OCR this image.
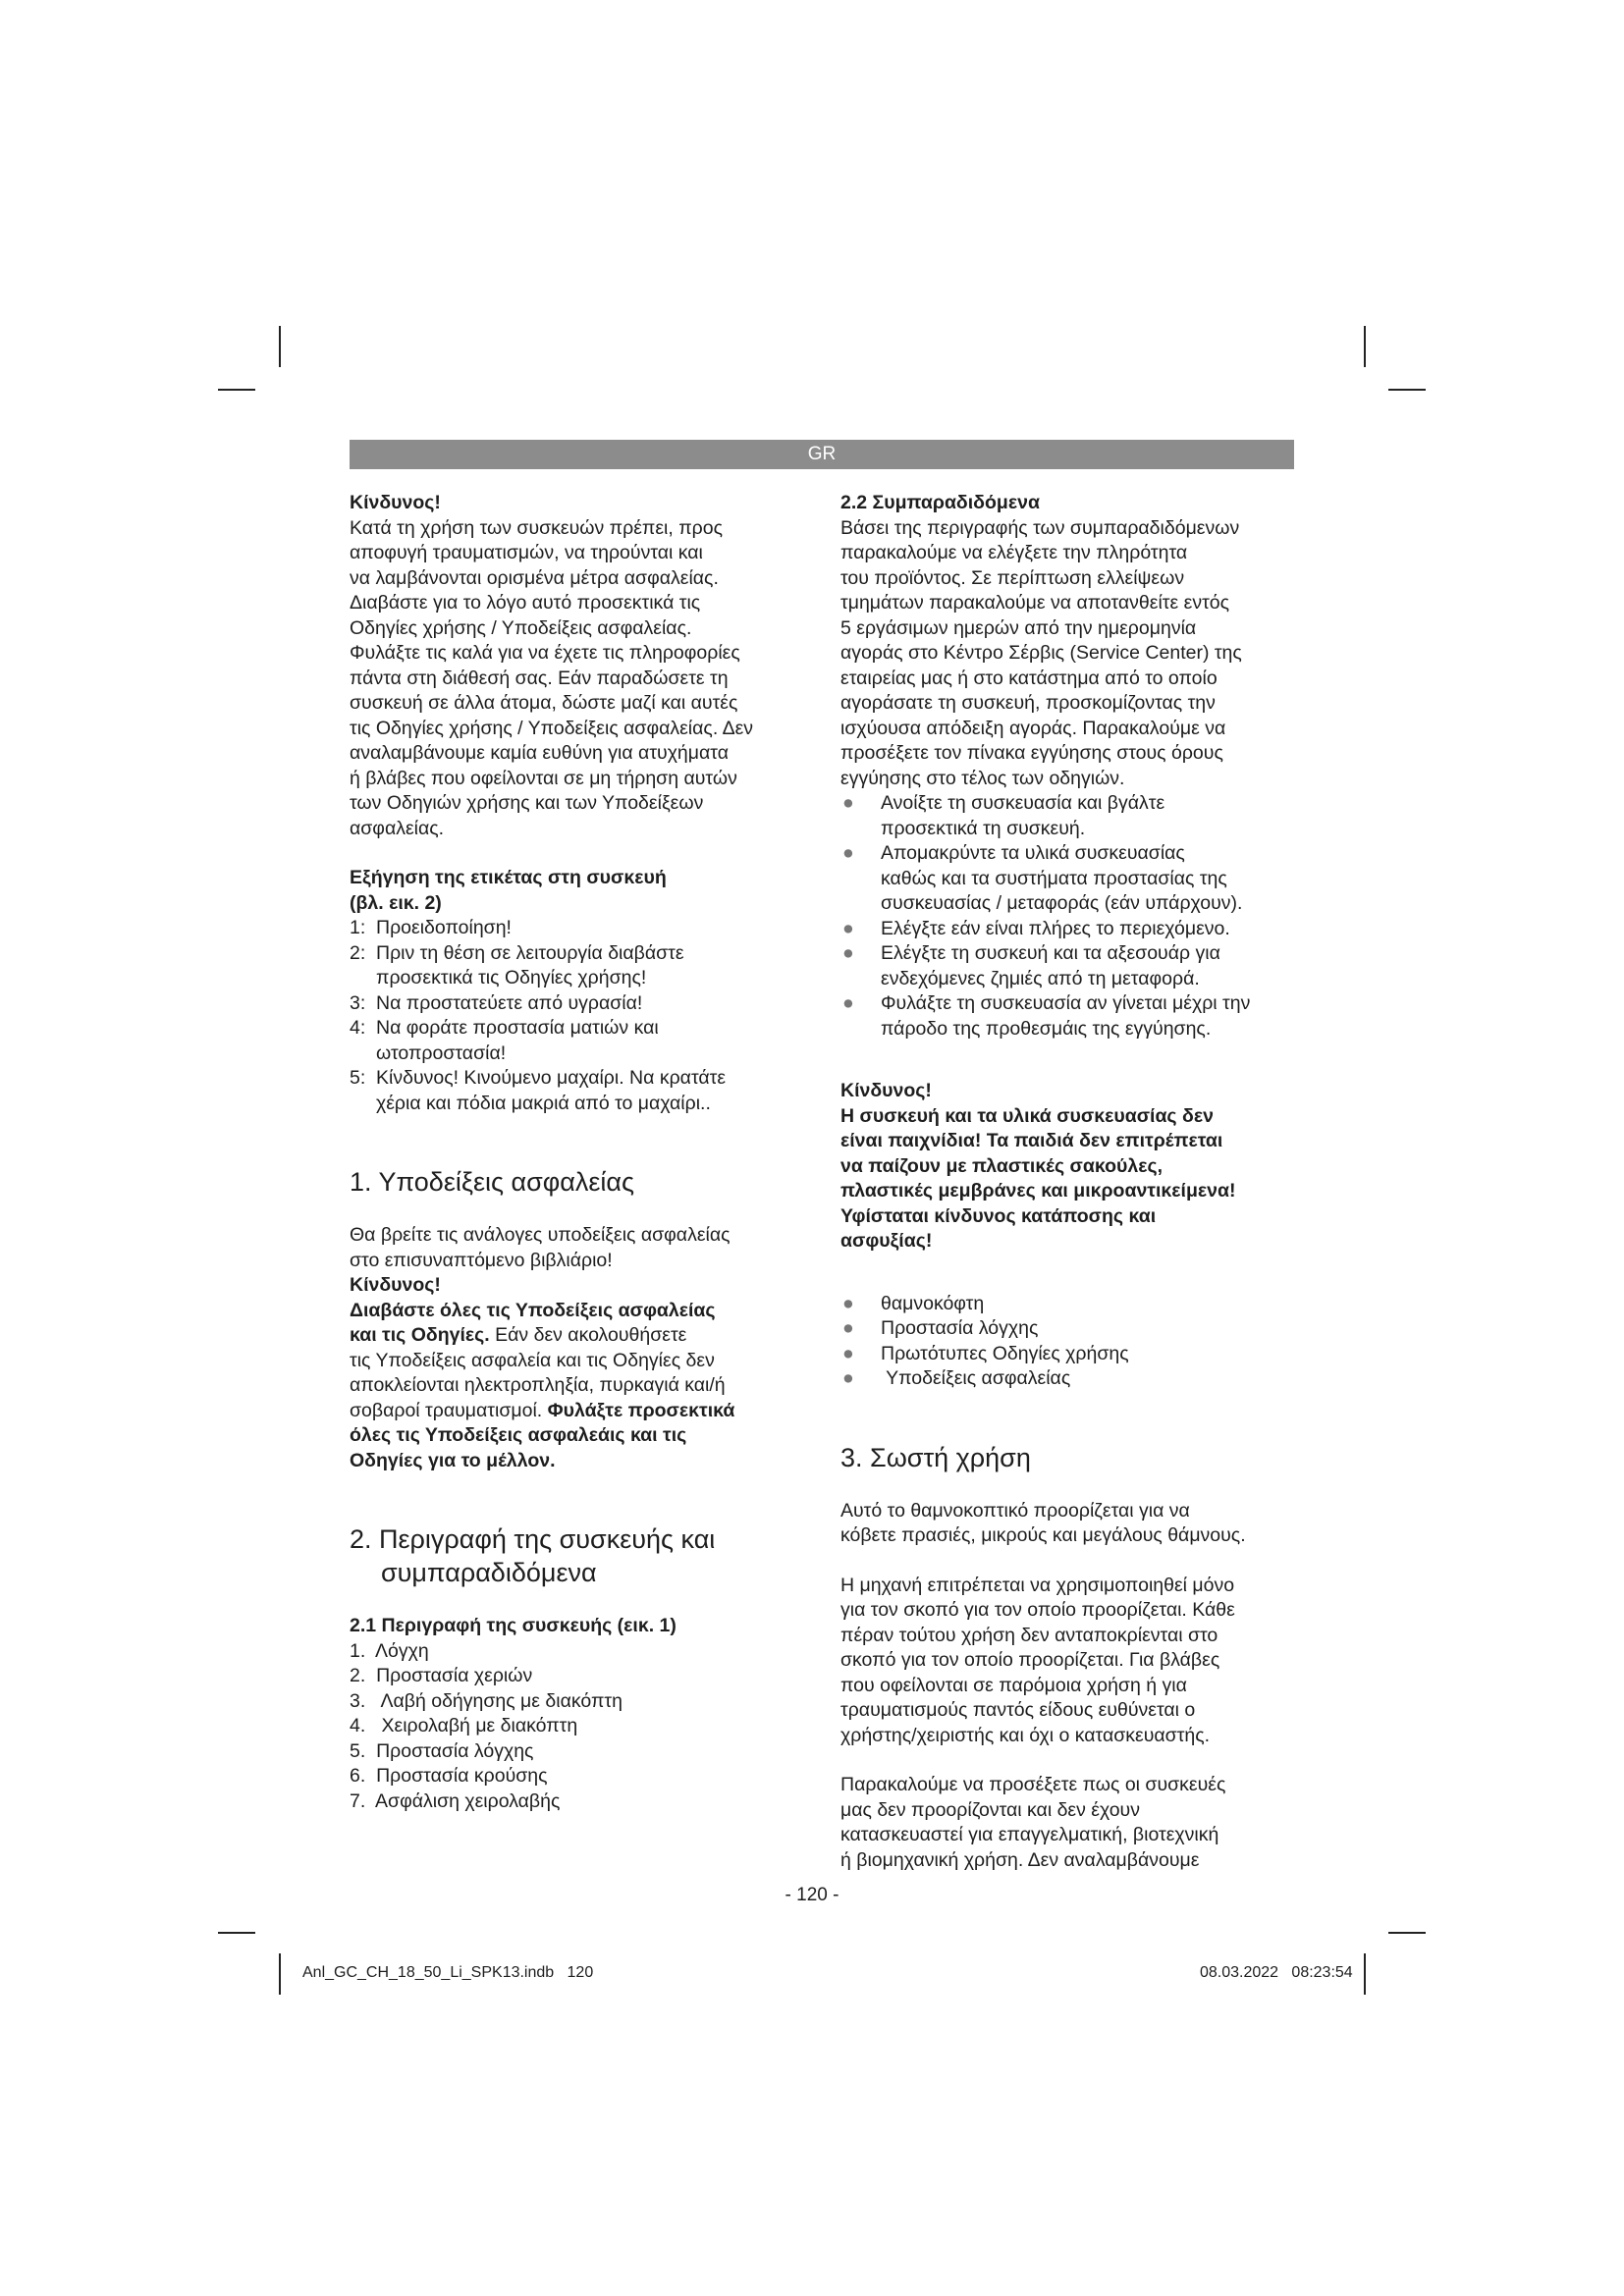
GR

Κίνδυνος!

Κατά τη χρήση των συσκευών πρέπει, προς

αποφυγή τραυματισμών, να τηρούνται και

να λαμβάνονται ορισμένα μέτρα ασφαλείας.

Διαβάστε για το λόγο αυτό προσεκτικά τις

Οδηγίες χρήσης / Υποδείξεις ασφαλείας.

Φυλάξτε τις καλά για να έχετε τις πληροφορίες

πάντα στη διάθεσή σας. Εάν παραδώσετε τη

συσκευή σε άλλα άτομα, δώστε μαζί και αυτές

τις Οδηγίες χρήσης / Υποδείξεις ασφαλείας. Δεν

αναλαμβάνουμε καμία ευθύνη για ατυχήματα

ή βλάβες που οφείλονται σε μη τήρηση αυτών

των Οδηγιών χρήσης και των Υποδείξεων

ασφαλείας.

Εξήγηση της ετικέτας στη συσκευή

(βλ. εικ. 2)

1: Προειδοποίηση!
2: Πριν τη θέση σε λειτουργία διαβάστε
προσεκτικά τις Οδηγίες χρήσης!
3: Να προστατεύετε από υγρασία!
4: Να φοράτε προστασία ματιών και
ωτοπροστασία!
5: Κίνδυνος! Κινούμενο μαχαίρι. Να κρατάτε
χέρια και πόδια μακριά από το μαχαίρι..
1. Υποδείξεις ασφαλείας

Θα βρείτε τις ανάλογες υποδείξεις ασφαλείας

στο επισυναπτόμενο βιβλιάριο!

Κίνδυνος!

Διαβάστε όλες τις Υποδείξεις ασφαλείας

και τις Οδηγίες. Εάν δεν ακολουθήσετε

τις Υποδείξεις ασφαλεία και τις Οδηγίες δεν

αποκλείονται ηλεκτροπληξία, πυρκαγιά και/ή

σοβαροί τραυματισμοί. Φυλάξτε προσεκτικά

όλες τις Υποδείξεις ασφαλεάις και τις

Οδηγίες για το μέλλον.

2. Περιγραφή της συσκευής και
συμπαραδιδόμενα

2.1 Περιγραφή της συσκευής (εικ. 1)

1.  Λόγχη

2.  Προστασία χεριών

3.   Λαβή οδήγησης με διακόπτη

4.   Χειρολαβή με διακόπτη

5.  Προστασία λόγχης

6.  Προστασία κρούσης

7.  Ασφάλιση χειρολαβής

2.2 Συμπαραδιδόμενα

Βάσει της περιγραφής των συμπαραδιδόμενων

παρακαλούμε να ελέγξετε την πληρότητα

του προϊόντος. Σε περίπτωση ελλείψεων

τμημάτων παρακαλούμε να αποτανθείτε εντός

5 εργάσιμων ημερών από την ημερομηνία

αγοράς στο Κέντρο Σέρβις (Service Center) της

εταιρείας μας ή στο κατάστημα από το οποίο

αγοράσατε τη συσκευή, προσκομίζοντας την

ισχύουσα απόδειξη αγοράς. Παρακαλούμε να

προσέξετε τον πίνακα εγγύησης στους όρους

εγγύησης στο τέλος των οδηγιών.

●	Ανοίξτε τη συσκευασία και βγάλτε
προσεκτικά τη συσκευή.
●	Απομακρύντε τα υλικά συσκευασίας
καθώς και τα συστήματα προστασίας της
συσκευασίας / μεταφοράς (εάν υπάρχουν).
●	Ελέγξτε εάν είναι πλήρες το περιεχόμενο.
●	Ελέγξτε τη συσκευή και τα αξεσουάρ για
ενδεχόμενες ζημιές από τη μεταφορά.
●	Φυλάξτε τη συσκευασία αν γίνεται μέχρι την
πάροδο της προθεσμάις της εγγύησης.

Κίνδυνος!

Η συσκευή και τα υλικά συσκευασίας δεν

είναι παιχνίδια! Τα παιδιά δεν επιτρέπεται

να παίζουν με πλαστικές σακούλες,

πλαστικές μεμβράνες και μικροαντικείμενα!

Υφίσταται κίνδυνος κατάποσης και

ασφυξίας!

●	θαμνοκόφτη
●	Προστασία λόγχης
●	Πρωτότυπες Οδηγίες χρήσης
●	Υποδείξεις ασφαλείας
3. Σωστή χρήση

Αυτό το θαμνοκοπτικό προορίζεται για να

κόβετε πρασιές, μικρούς και μεγάλους θάμνους.

Η μηχανή επιτρέπεται να χρησιμοποιηθεί μόνο

για τον σκοπό για τον οποίο προορίζεται. Κάθε

πέραν τούτου χρήση δεν ανταποκρίενται στο

σκοπό για τον οποίο προορίζεται. Για βλάβες

που οφείλονται σε παρόμοια χρήση ή για

τραυματισμούς παντός είδους ευθύνεται ο

χρήστης/χειριστής και όχι ο κατασκευαστής.

Παρακαλούμε να προσέξετε πως οι συσκευές

μας δεν προορίζονται και δεν έχουν

κατασκευαστεί για επαγγελματική, βιοτεχνική

ή βιομηχανική χρήση. Δεν αναλαμβάνουμε

- 120 -
Anl_GC_CH_18_50_Li_SPK13.indb   120	08.03.2022   08:23:54
